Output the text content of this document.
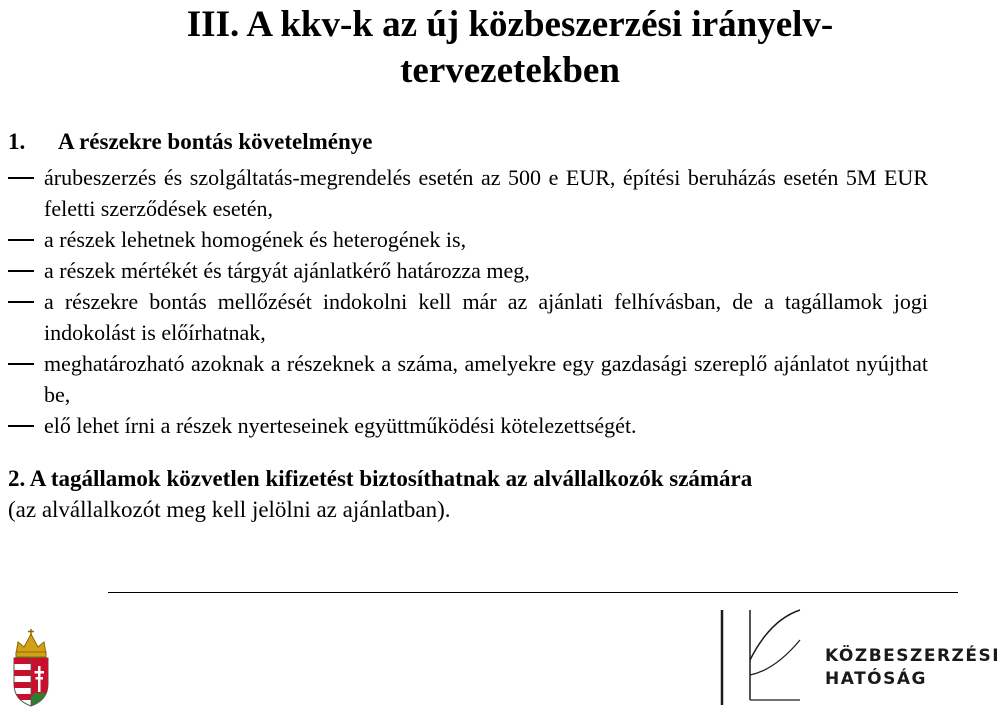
III. A kkv-k az új közbeszerzési irányelv-
tervezetekben
1. A részekre bontás követelménye
árubeszerzés és szolgáltatás-megrendelés esetén az 500 e EUR, építési beruházás esetén 5M EUR feletti szerződések esetén,
a részek lehetnek homogének és heterogének is,
a részek mértékét és tárgyát ajánlatkérő határozza meg,
a részekre bontás mellőzését indokolni kell már az ajánlati felhívásban, de a tagállamok jogi indokolást is előírhatnak,
meghatározható azoknak a részeknek a száma, amelyekre egy gazdasági szereplő ajánlatot nyújthat be,
elő lehet írni a részek nyerteseinek együttműködési kötelezettségét.
2. A tagállamok közvetlen kifizetést biztosíthatnak az alvállalkozók számára
(az alvállalkozót meg kell jelölni az ajánlatban).
KÖZBESZERZÉSI
HATÓSÁG
